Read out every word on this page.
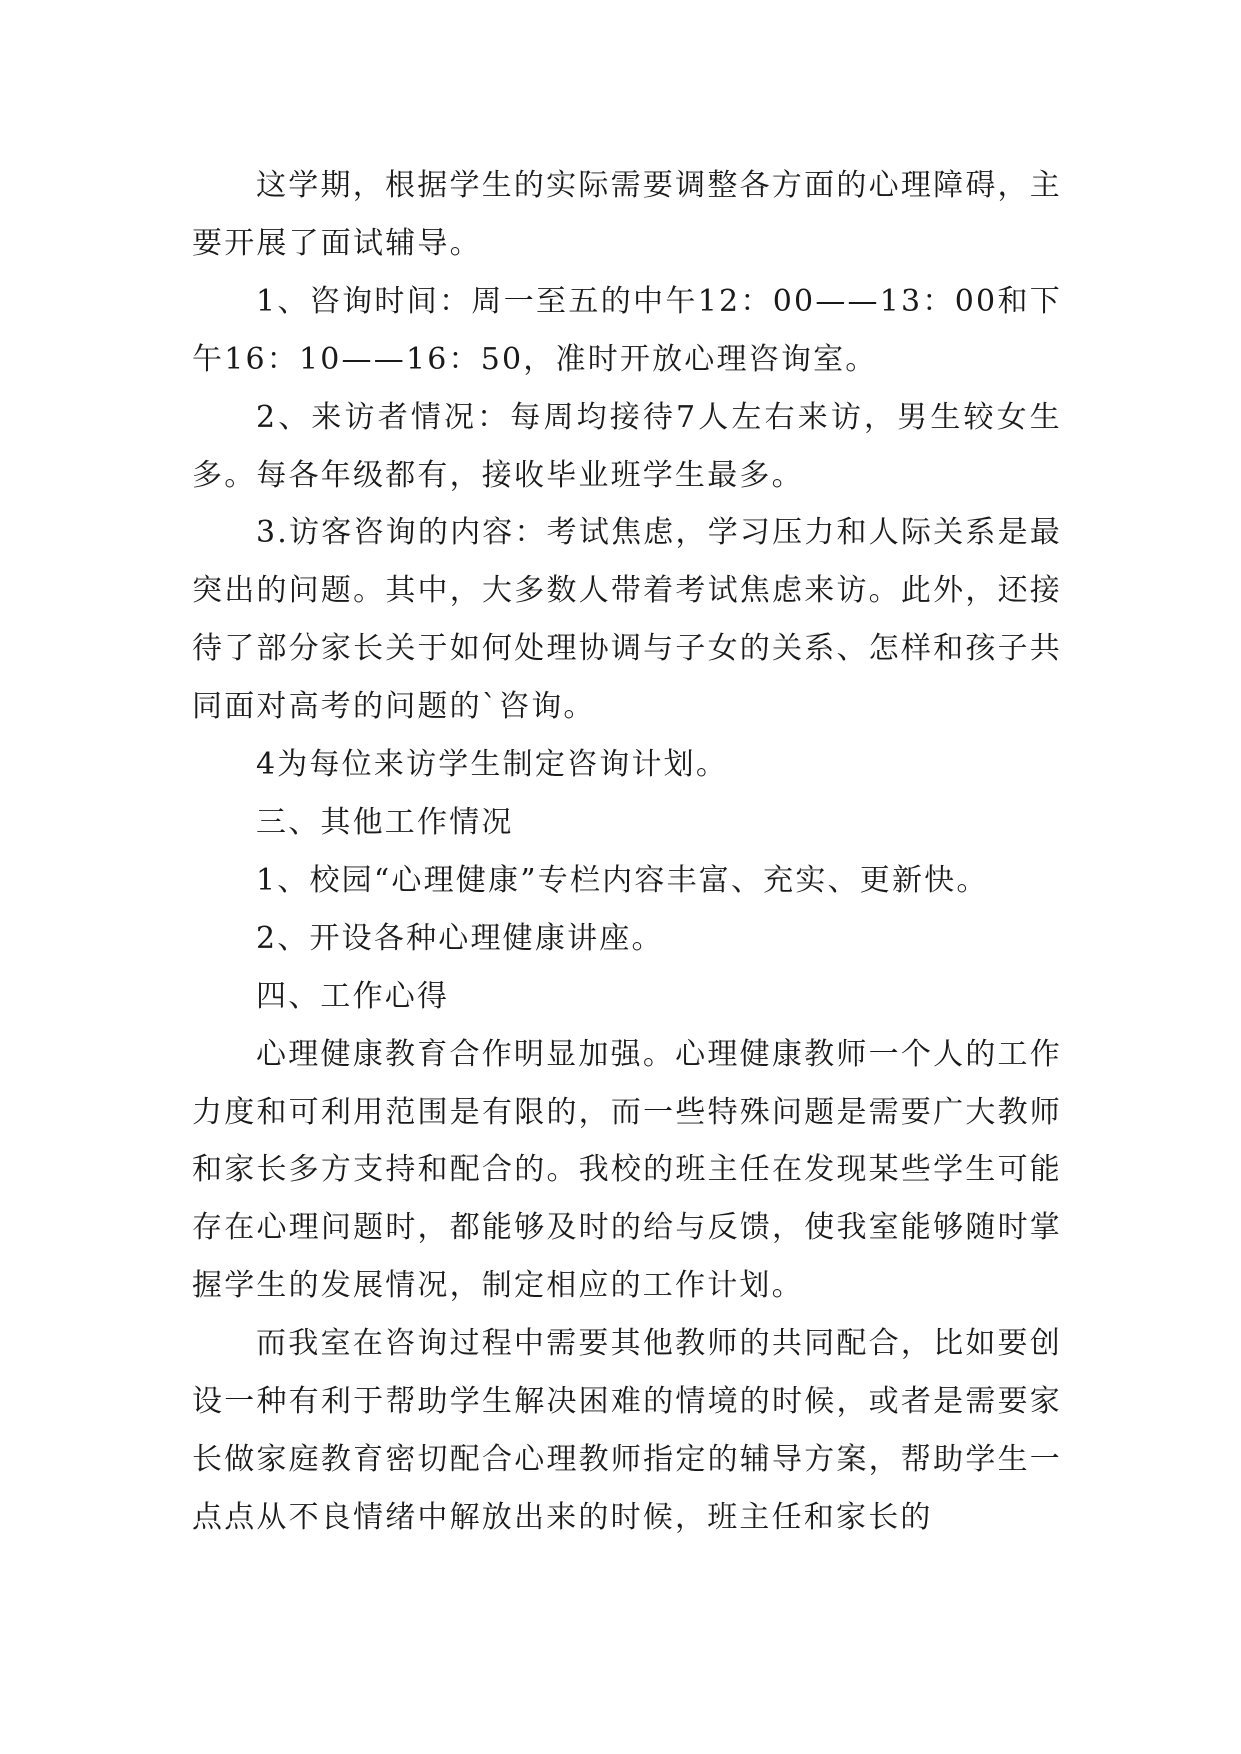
这学期，根据学生的实际需要调整各方面的心理障碍，主要开展了面试辅导。

1、咨询时间：周一至五的中午12：00——13：00和下午16：10——16：50，准时开放心理咨询室。

2、来访者情况：每周均接待7人左右来访，男生较女生多。每各年级都有，接收毕业班学生最多。

3.访客咨询的内容：考试焦虑，学习压力和人际关系是最突出的问题。其中，大多数人带着考试焦虑来访。此外，还接待了部分家长关于如何处理协调与子女的关系、怎样和孩子共同面对高考的问题的`咨询。

4为每位来访学生制定咨询计划。

三、其他工作情况

1、校园“心理健康”专栏内容丰富、充实、更新快。

2、开设各种心理健康讲座。

四、工作心得

心理健康教育合作明显加强。心理健康教师一个人的工作力度和可利用范围是有限的，而一些特殊问题是需要广大教师和家长多方支持和配合的。我校的班主任在发现某些学生可能存在心理问题时，都能够及时的给与反馈，使我室能够随时掌握学生的发展情况，制定相应的工作计划。

而我室在咨询过程中需要其他教师的共同配合，比如要创设一种有利于帮助学生解决困难的情境的时候，或者是需要家长做家庭教育密切配合心理教师指定的辅导方案，帮助学生一点点从不良情绪中解放出来的时候，班主任和家长的
